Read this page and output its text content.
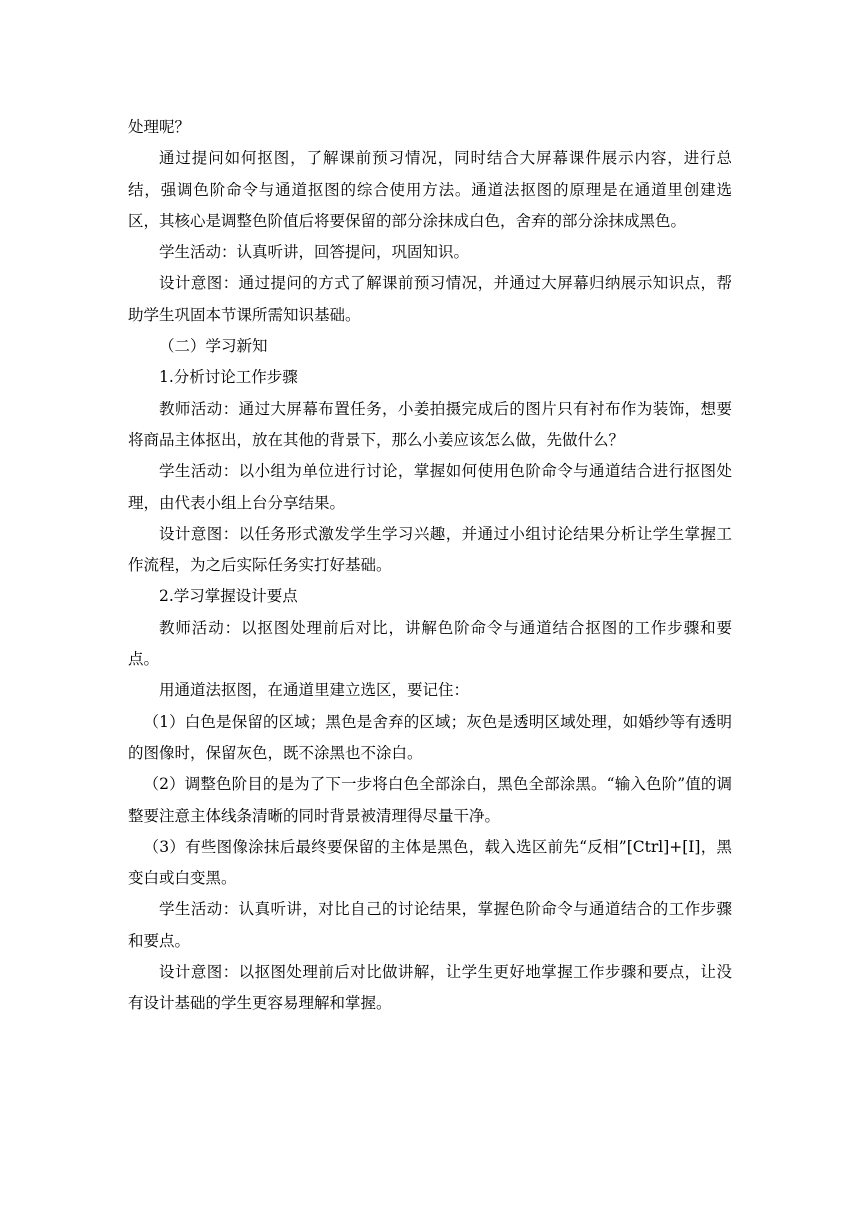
处理呢？

通过提问如何抠图，了解课前预习情况，同时结合大屏幕课件展示内容，进行总结，强调色阶命令与通道抠图的综合使用方法。通道法抠图的原理是在通道里创建选区，其核心是调整色阶值后将要保留的部分涂抹成白色，舍弃的部分涂抹成黑色。

学生活动：认真听讲，回答提问，巩固知识。

设计意图：通过提问的方式了解课前预习情况，并通过大屏幕归纳展示知识点，帮助学生巩固本节课所需知识基础。

（二）学习新知

1.分析讨论工作步骤

教师活动：通过大屏幕布置任务，小姜拍摄完成后的图片只有衬布作为装饰，想要将商品主体抠出，放在其他的背景下，那么小姜应该怎么做，先做什么？

学生活动：以小组为单位进行讨论，掌握如何使用色阶命令与通道结合进行抠图处理，由代表小组上台分享结果。

设计意图：以任务形式激发学生学习兴趣，并通过小组讨论结果分析让学生掌握工作流程，为之后实际任务实打好基础。

2.学习掌握设计要点

教师活动：以抠图处理前后对比，讲解色阶命令与通道结合抠图的工作步骤和要点。

用通道法抠图，在通道里建立选区，要记住：

（1）白色是保留的区域；黑色是舍弃的区域；灰色是透明区域处理，如婚纱等有透明的图像时，保留灰色，既不涂黑也不涂白。

（2）调整色阶目的是为了下一步将白色全部涂白，黑色全部涂黑。“输入色阶”值的调整要注意主体线条清晰的同时背景被清理得尽量干净。

（3）有些图像涂抹后最终要保留的主体是黑色，载入选区前先“反相”[Ctrl]+[I]，黑变白或白变黑。

学生活动：认真听讲，对比自己的讨论结果，掌握色阶命令与通道结合的工作步骤和要点。

设计意图：以抠图处理前后对比做讲解，让学生更好地掌握工作步骤和要点，让没有设计基础的学生更容易理解和掌握。
